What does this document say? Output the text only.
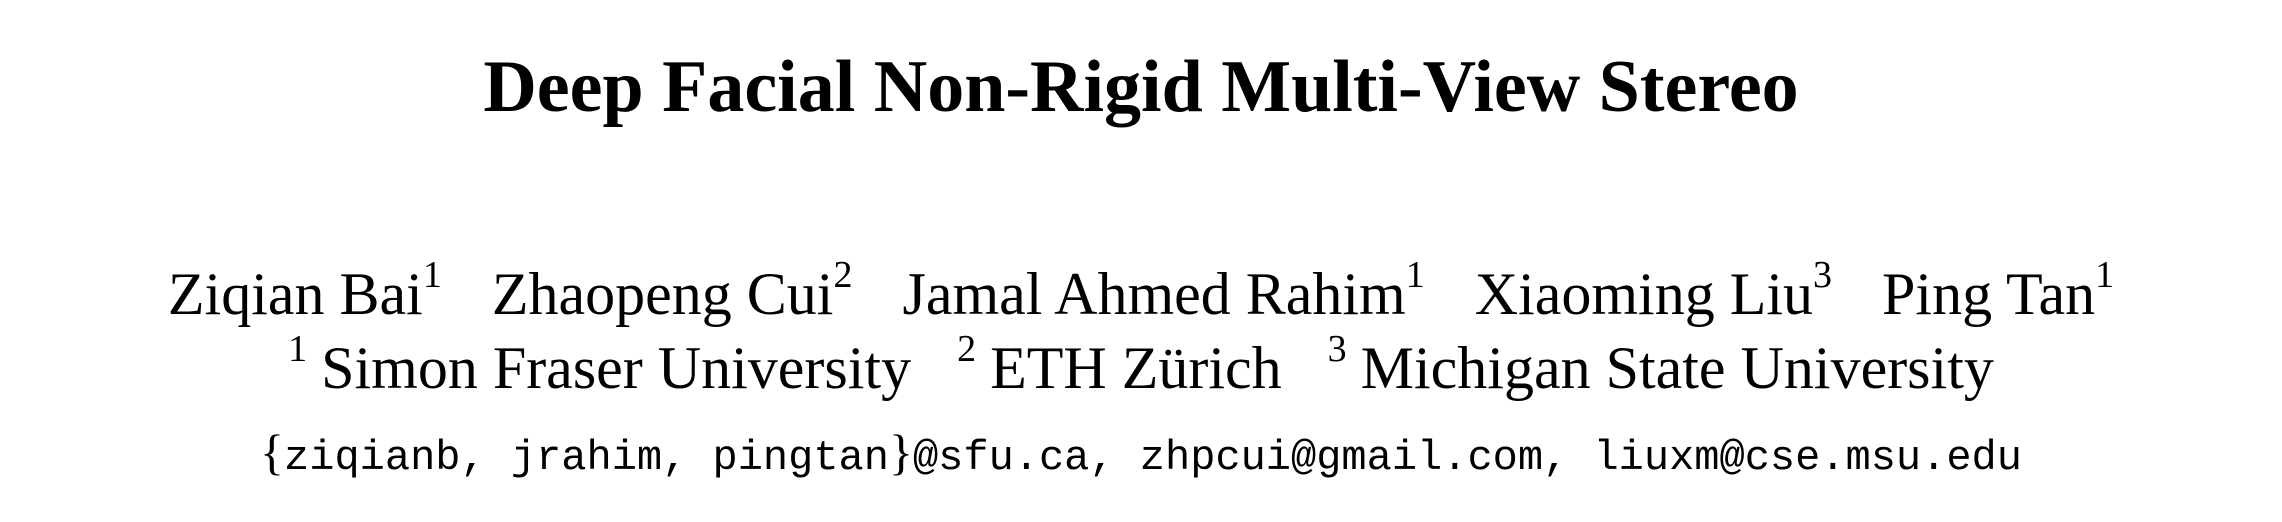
Deep Facial Non-Rigid Multi-View Stereo
Ziqian Bai$^1$ Zhaopeng Cui$^2$ Jamal Ahmed Rahim$^1$ Xiaoming Liu$^3$ Ping Tan$^1$
$^1$ Simon Fraser University $^2$ ETH Zürich $^3$ Michigan State University
{ziqianb, jrahim, pingtan}@sfu.ca, zhpcui@gmail.com, liuxm@cse.msu.edu
